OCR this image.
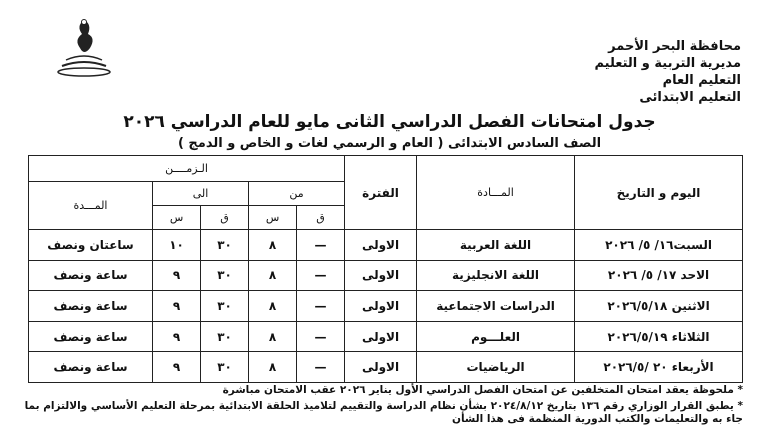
محافظة البحر الأحمر
مديرية التربية و التعليم
التعليم العام
التعليم الابتدائى
جدول امتحانات الفصل الدراسي الثانى مايو للعام الدراسي ٢٠٢٦
الصف السادس الابتدائى ( العام و الرسمي لغات و الخاص و الدمج )
اليوم و التاريخ	المـــادة	الفترة	الـزمــــن				
			من		الى		المـــدة
			ق	س	ق	س	
السبت١٦/ ٥/ ٢٠٢٦	اللغة العربية	الاولى	—	٨	٣٠	١٠	ساعتان ونصف
الاحد ١٧/ ٥/ ٢٠٢٦	اللغة الانجليزية	الاولى	—	٨	٣٠	٩	ساعة ونصف
الاثنين ٢٠٢٦/٥/١٨	الدراسات الاجتماعية	الاولى	—	٨	٣٠	٩	ساعة ونصف
الثلاثاء ٢٠٢٦/٥/١٩	العلـــوم	الاولى	—	٨	٣٠	٩	ساعة ونصف
الأربعاء ٢٠ /٢٠٢٦/٥	الرياضيات	الاولى	—	٨	٣٠	٩	ساعة ونصف

* ملحوظة يعقد امتحان المتخلفين عن امتحان الفصل الدراسي الأول يناير ٢٠٢٦ عقب الامتحان مباشرة

* يطبق القرار الوزاري رقم ١٣٦ بتاريخ ٢٠٢٤/٨/١٢ بشأن نظام الدراسة والتقييم لتلاميذ الحلقة الابتدائية بمرحلة التعليم الأساسي والالتزام بما جاء به والتعليمات والكتب الدورية المنظمة فى هذا الشأن
